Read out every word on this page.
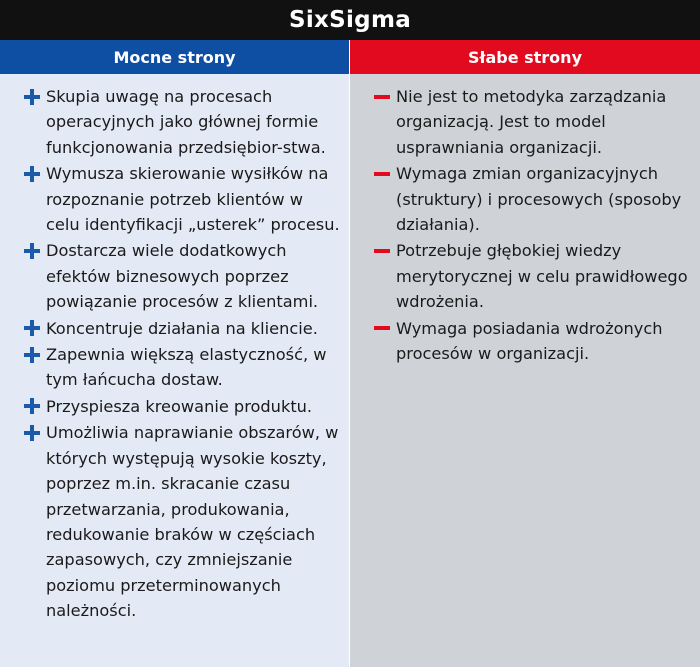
SixSigma
Mocne strony	Słabe strony
Skupia uwagę na procesach operacyjnych jako głównej formie funkcjonowania przedsiębior-stwa.
Wymusza skierowanie wysiłków na rozpoznanie potrzeb klientów w celu identyfikacji „usterek” procesu.
Dostarcza wiele dodatkowych efektów biznesowych poprzez powiązanie procesów z klientami.
Koncentruje działania na kliencie.
Zapewnia większą elastyczność, w tym łańcucha dostaw.
Przyspiesza kreowanie produktu.
Umożliwia naprawianie obszarów, w których występują wysokie koszty, poprzez m.in. skracanie czasu przetwarzania, produkowania, redukowanie braków w częściach zapasowych, czy zmniejszanie poziomu przeterminowanych należności.
Nie jest to metodyka zarządzania organizacją. Jest to model usprawniania organizacji.
Wymaga zmian organizacyjnych (struktury) i procesowych (sposoby działania).
Potrzebuje głębokiej wiedzy merytorycznej w celu prawidłowego wdrożenia.
Wymaga posiadania wdrożonych procesów w organizacji.
